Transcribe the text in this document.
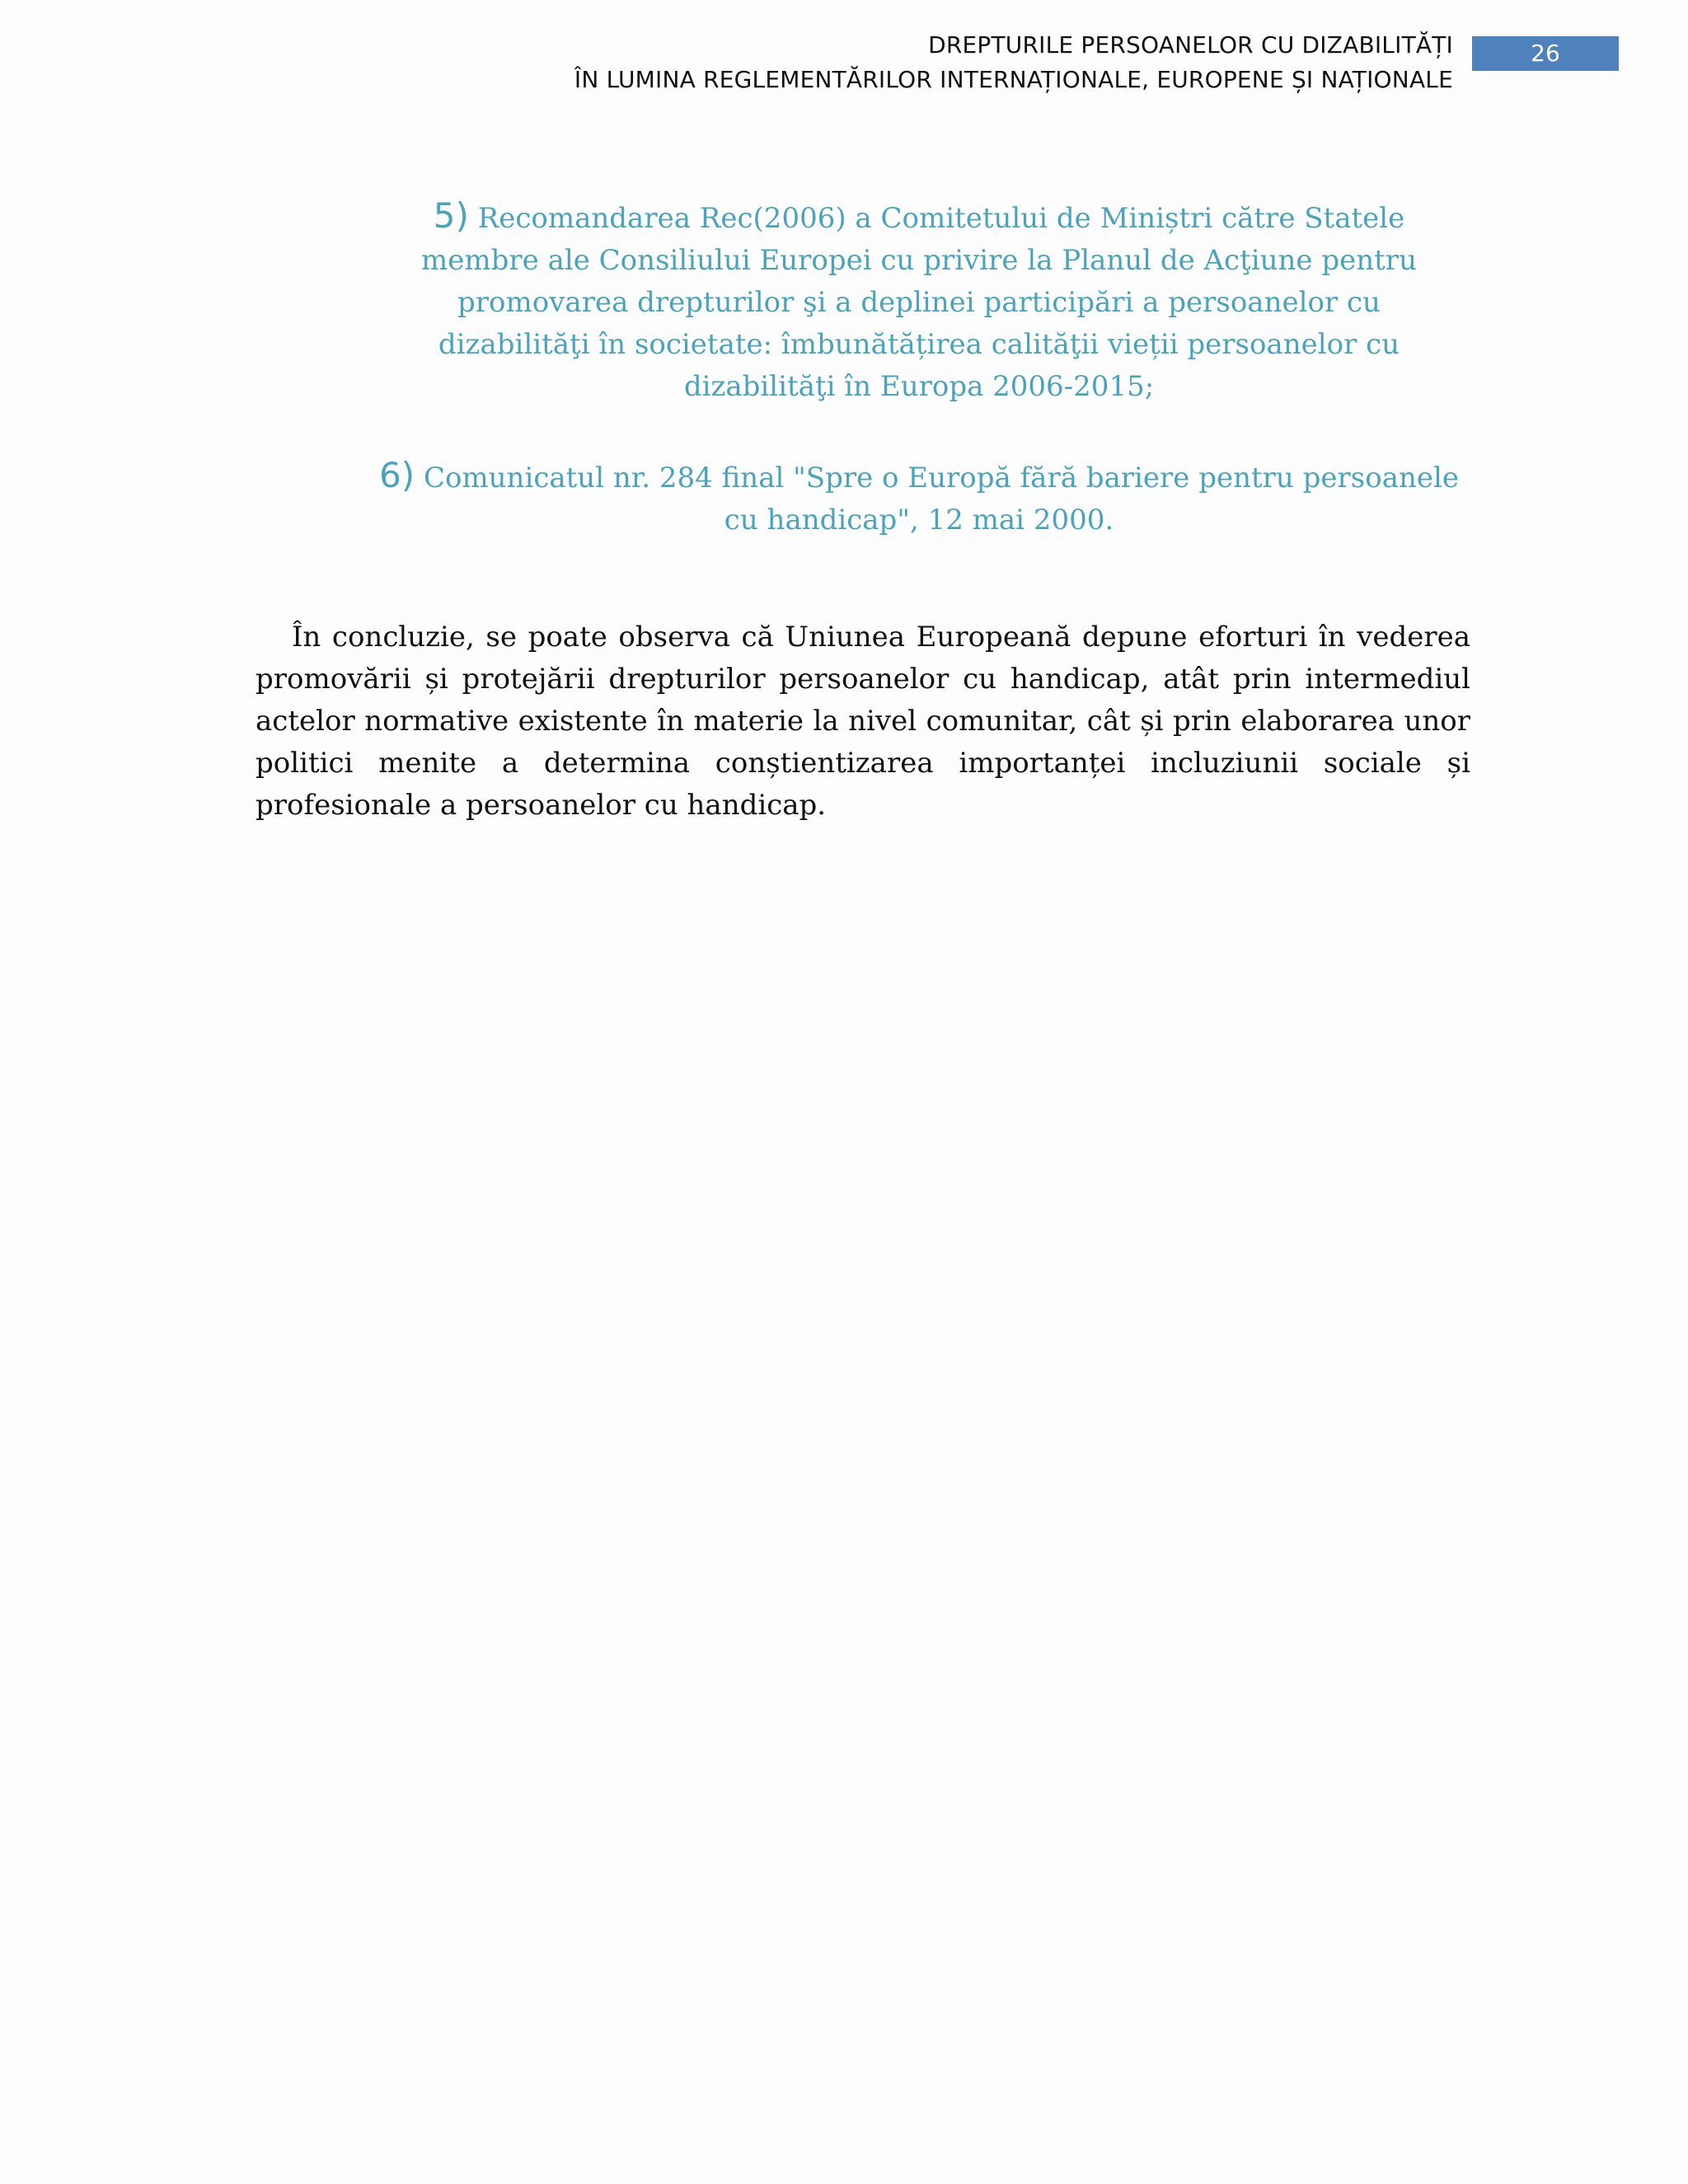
DREPTURILE PERSOANELOR CU DIZABILITĂȚI
ÎN LUMINA REGLEMENTĂRILOR INTERNAȚIONALE, EUROPENE ȘI NAȚIONALE
26

5) Recomandarea Rec(2006) a Comitetului de Miniștri către Statele membre ale Consiliului Europei cu privire la Planul de Acţiune pentru promovarea drepturilor şi a deplinei participări a persoanelor cu dizabilităţi în societate: îmbunătățirea calităţii vieții persoanelor cu dizabilităţi în Europa 2006-2015;

6) Comunicatul nr. 284 final "Spre o Europă fără bariere pentru persoanele cu handicap", 12 mai 2000.

În concluzie, se poate observa că Uniunea Europeană depune eforturi în vederea promovării și protejării drepturilor persoanelor cu handicap, atât prin intermediul actelor normative existente în materie la nivel comunitar, cât și prin elaborarea unor politici menite a determina conștientizarea importanței incluziunii sociale și profesionale a persoanelor cu handicap.
